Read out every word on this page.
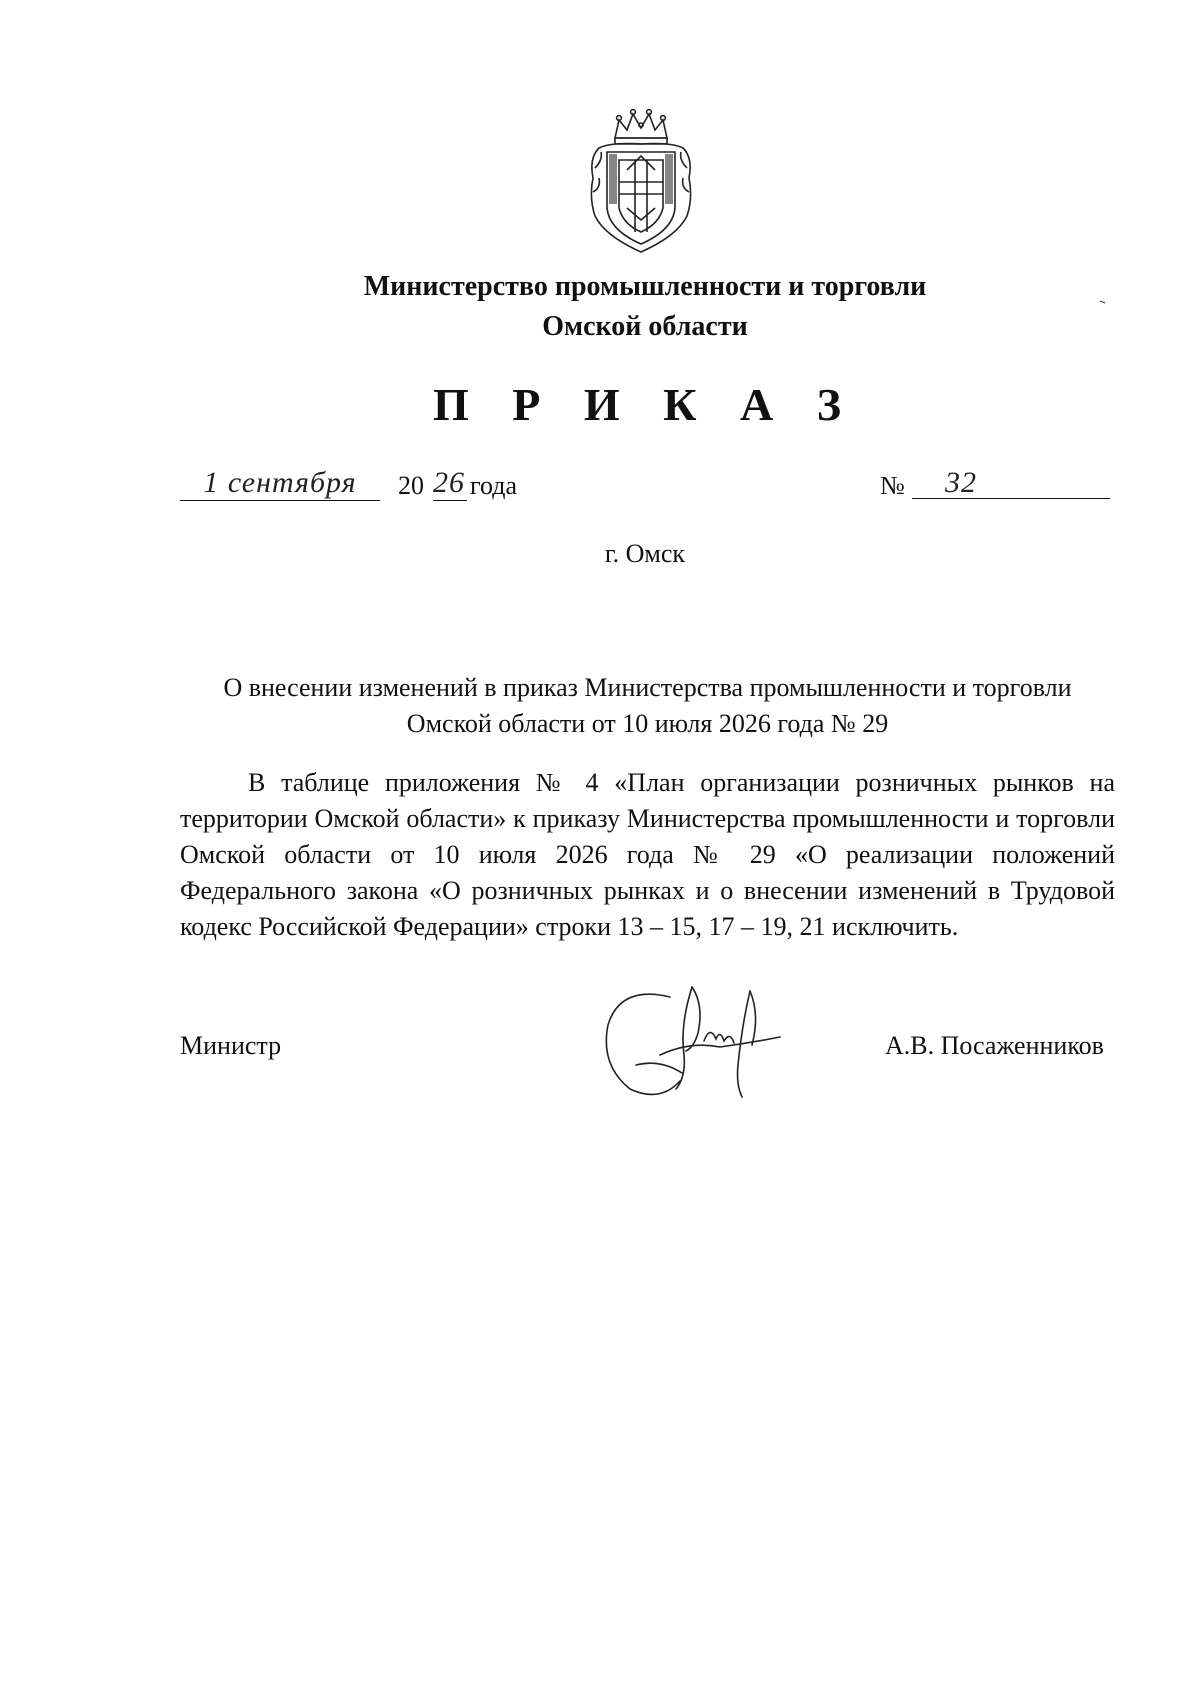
Министерство промышленности и торговли
Омской области
П Р И К А З
1 сентября	20 26 года	№ 32
г. Омск
О внесении изменений в приказ Министерства промышленности и торговли Омской области от 10 июля 2026 года № 29
В таблице приложения № 4 «План организации розничных рынков на территории Омской области» к приказу Министерства промышленности и торговли Омской области от 10 июля 2026 года № 29 «О реализации положений Федерального закона «О розничных рынках и о внесении изменений в Трудовой кодекс Российской Федерации» строки 13 – 15, 17 – 19, 21 исключить.
Министр	А.В. Посаженников
